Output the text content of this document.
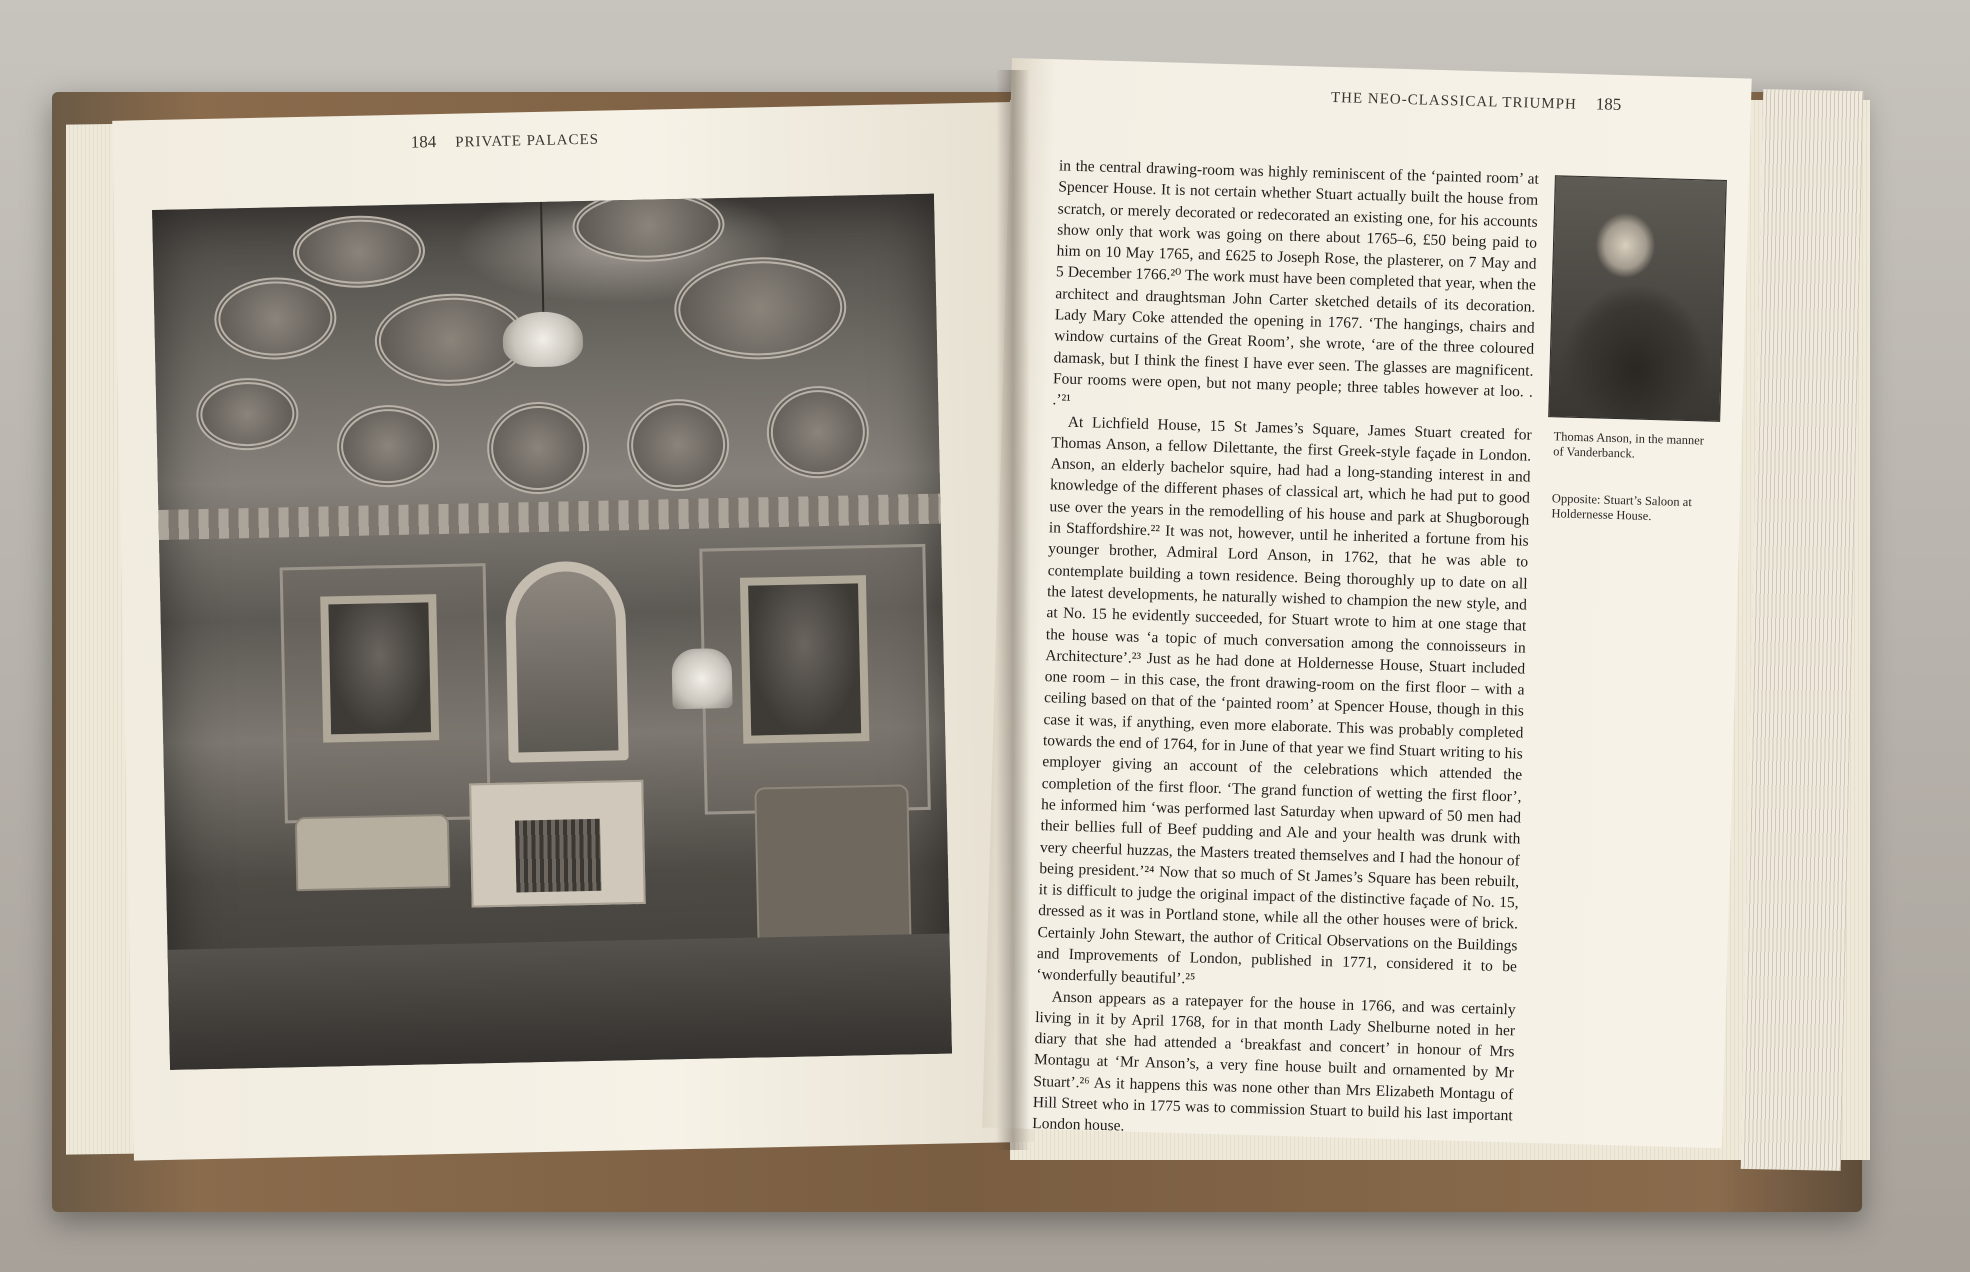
184 PRIVATE PALACES
THE NEO-CLASSICAL TRIUMPH 185

in the central drawing-room was highly reminiscent of the ‘painted room’ at Spencer House. It is not certain whether Stuart actually built the house from scratch, or merely decorated or redecorated an existing one, for his accounts show only that work was going on there about 1765–6, £50 being paid to him on 10 May 1765, and £625 to Joseph Rose, the plasterer, on 7 May and 5 December 1766.²⁰ The work must have been completed that year, when the architect and draughtsman John Carter sketched details of its decoration. Lady Mary Coke attended the opening in 1767. ‘The hangings, chairs and window curtains of the Great Room’, she wrote, ‘are of the three coloured damask, but I think the finest I have ever seen. The glasses are magnificent. Four rooms were open, but not many people; three tables however at loo. . .’²¹

At Lichfield House, 15 St James’s Square, James Stuart created for Thomas Anson, a fellow Dilettante, the first Greek-style façade in London. Anson, an elderly bachelor squire, had had a long-standing interest in and knowledge of the different phases of classical art, which he had put to good use over the years in the remodelling of his house and park at Shugborough in Staffordshire.²² It was not, however, until he inherited a fortune from his younger brother, Admiral Lord Anson, in 1762, that he was able to contemplate building a town residence. Being thoroughly up to date on all the latest developments, he naturally wished to champion the new style, and at No. 15 he evidently succeeded, for Stuart wrote to him at one stage that the house was ‘a topic of much conversation among the connoisseurs in Architecture’.²³ Just as he had done at Holdernesse House, Stuart included one room – in this case, the front drawing-room on the first floor – with a ceiling based on that of the ‘painted room’ at Spencer House, though in this case it was, if anything, even more elaborate. This was probably completed towards the end of 1764, for in June of that year we find Stuart writing to his employer giving an account of the celebrations which attended the completion of the first floor. ‘The grand function of wetting the first floor’, he informed him ‘was performed last Saturday when upward of 50 men had their bellies full of Beef pudding and Ale and your health was drunk with very cheerful huzzas, the Masters treated themselves and I had the honour of being president.’²⁴ Now that so much of St James’s Square has been rebuilt, it is difficult to judge the original impact of the distinctive façade of No. 15, dressed as it was in Portland stone, while all the other houses were of brick. Certainly John Stewart, the author of Critical Observations on the Buildings and Improvements of London, published in 1771, considered it to be ‘wonderfully beautiful’.²⁵

Anson appears as a ratepayer for the house in 1766, and was certainly living in it by April 1768, for in that month Lady Shelburne noted in her diary that she had attended a ‘breakfast and concert’ in honour of Mrs Montagu at ‘Mr Anson’s, a very fine house built and ornamented by Mr Stuart’.²⁶ As it happens this was none other than Mrs Elizabeth Montagu of Hill Street who in 1775 was to commission Stuart to build his last important London house.

Thomas Anson, in the manner of Vanderbanck.
Opposite: Stuart’s Saloon at Holdernesse House.
